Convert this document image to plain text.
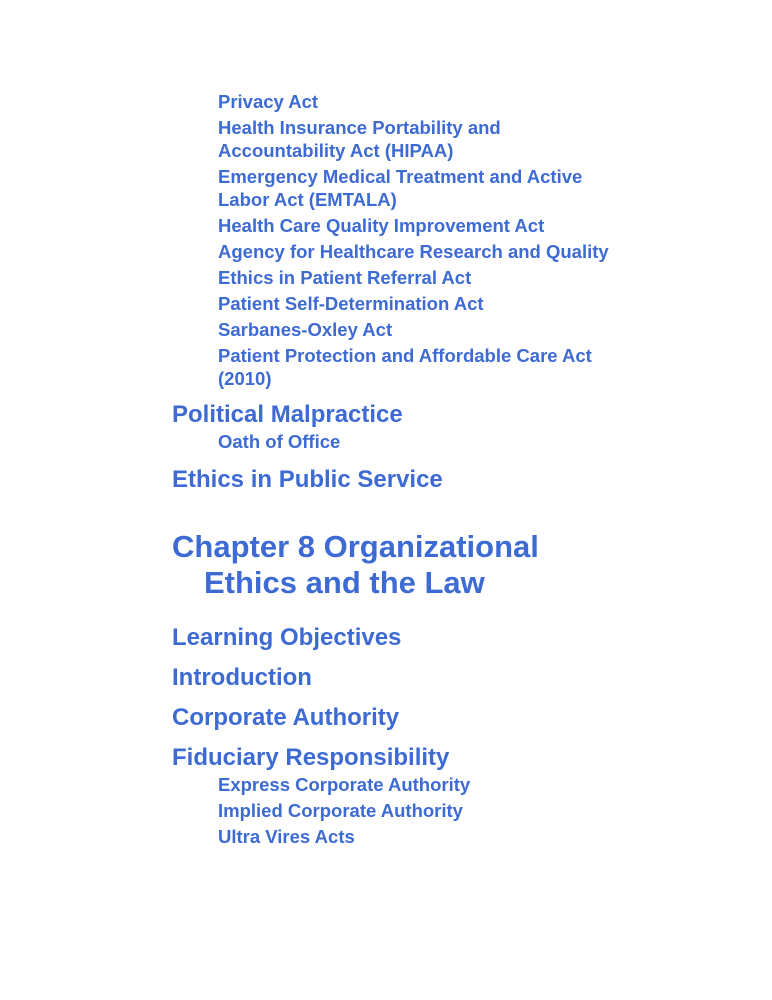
Privacy Act
Health Insurance Portability and Accountability Act (HIPAA)
Emergency Medical Treatment and Active Labor Act (EMTALA)
Health Care Quality Improvement Act
Agency for Healthcare Research and Quality
Ethics in Patient Referral Act
Patient Self-Determination Act
Sarbanes-Oxley Act
Patient Protection and Affordable Care Act (2010)
Political Malpractice
Oath of Office
Ethics in Public Service
Chapter 8 Organizational Ethics and the Law
Learning Objectives
Introduction
Corporate Authority
Fiduciary Responsibility
Express Corporate Authority
Implied Corporate Authority
Ultra Vires Acts
